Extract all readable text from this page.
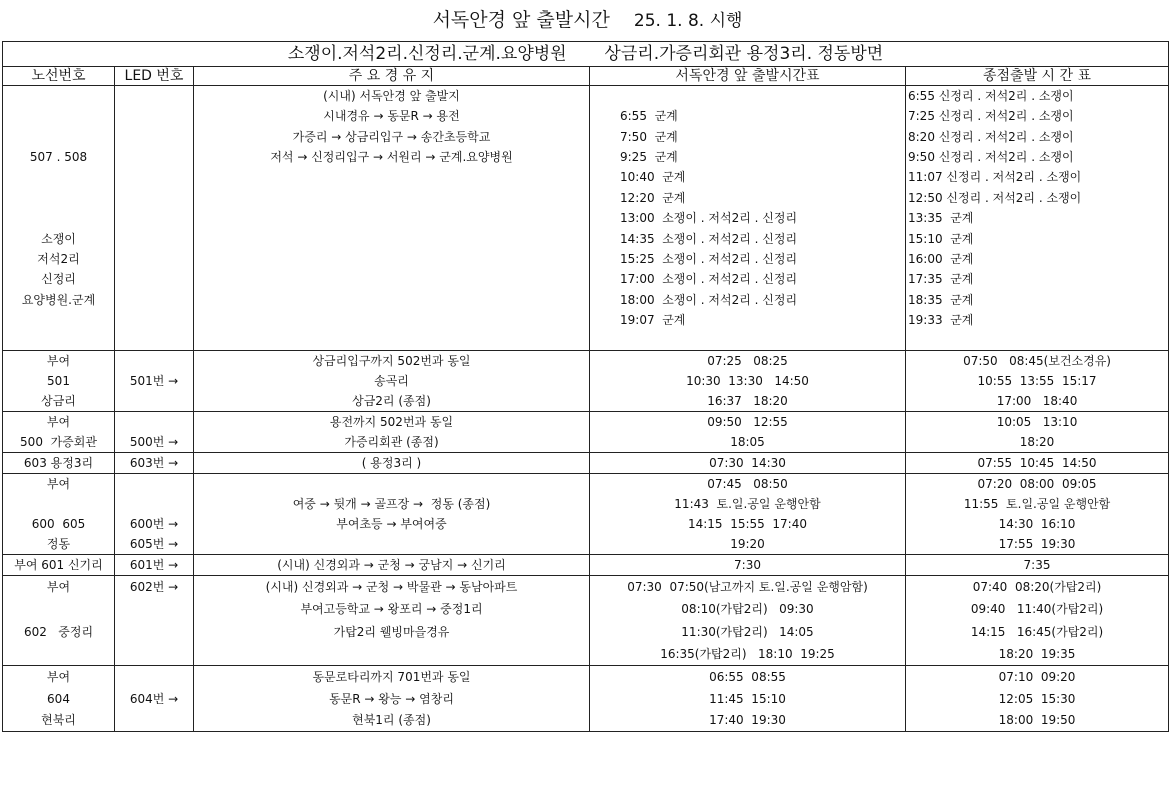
서독안경 앞 출발시간 25. 1. 8. 시행
소쟁이.저석2리.신정리.군계.요양병원       상금리.가증리회관 용정3리. 정동방면				
노선번호	LED 번호	주 요 경 유 지	서독안경 앞 출발시간표	종점출발 시 간 표
		(시내) 서독안경 앞 출발지		6:55 신정리 . 저석2리 . 소쟁이
		시내경유 → 동문R → 용전	6:55  군계	7:25 신정리 . 저석2리 . 소쟁이
		가증리 → 상금리입구 → 송간초등학교	7:50  군계	8:20 신정리 . 저석2리 . 소쟁이
507 . 508		저석 → 신정리입구 → 서원리 → 군계.요양병원	9:25  군계	9:50 신정리 . 저석2리 . 소쟁이
			10:40  군계	11:07 신정리 . 저석2리 . 소쟁이
			12:20  군계	12:50 신정리 . 저석2리 . 소쟁이
			13:00  소쟁이 . 저석2리 . 신정리	13:35  군계
소쟁이			14:35  소쟁이 . 저석2리 . 신정리	15:10  군계
저석2리			15:25  소쟁이 . 저석2리 . 신정리	16:00  군계
신정리			17:00  소쟁이 . 저석2리 . 신정리	17:35  군계
요양병원.군계			18:00  소쟁이 . 저석2리 . 신정리	18:35  군계
			19:07  군계	19:33  군계

부여		상금리입구까지 502번과 동일	07:25   08:25	07:50   08:45(보건소경유)
501	501번 →	송곡리	10:30  13:30   14:50	10:55  13:55  15:17
상금리		상금2리 (종점)	16:37   18:20	17:00   18:40
부여		용전까지 502번과 동일	09:50   12:55	10:05   13:10
500  가증회관	500번 →	가증리회관 (종점)	18:05	18:20
603 용정3리	603번 →	( 용정3리 )	07:30  14:30	07:55  10:45  14:50
부여			07:45   08:50	07:20  08:00  09:05
		여중 → 뒷개 → 골프장 →  정동 (종점)	11:43  토.일.공일 운행안함	11:55  토.일.공일 운행안함
600  605	600번 →	부여초등 → 부여여중	14:15  15:55  17:40	14:30  16:10
정동	605번 →		19:20	17:55  19:30
부여 601 신기리	601번 →	(시내) 신경외과 → 군청 → 궁남지 → 신기리	7:30	7:35
부여	602번 →	(시내) 신경외과 → 군청 → 박물관 → 동남아파트	07:30  07:50(남고까지 토.일.공일 운행암함)	07:40  08:20(가탑2리)
		부여고등학교 → 왕포리 → 중정1리	08:10(가탑2리)   09:30	09:40   11:40(가탑2리)
602   중정리		가탑2리 웰빙마을경유	11:30(가탑2리)   14:05	14:15   16:45(가탑2리)
			16:35(가탑2리)   18:10  19:25	18:20  19:35
부여		동문로타리까지 701번과 동일	06:55  08:55	07:10  09:20
604	604번 →	동문R → 왕능 → 염창리	11:45  15:10	12:05  15:30
현북리		현북1리 (종점)	17:40  19:30	18:00  19:50
